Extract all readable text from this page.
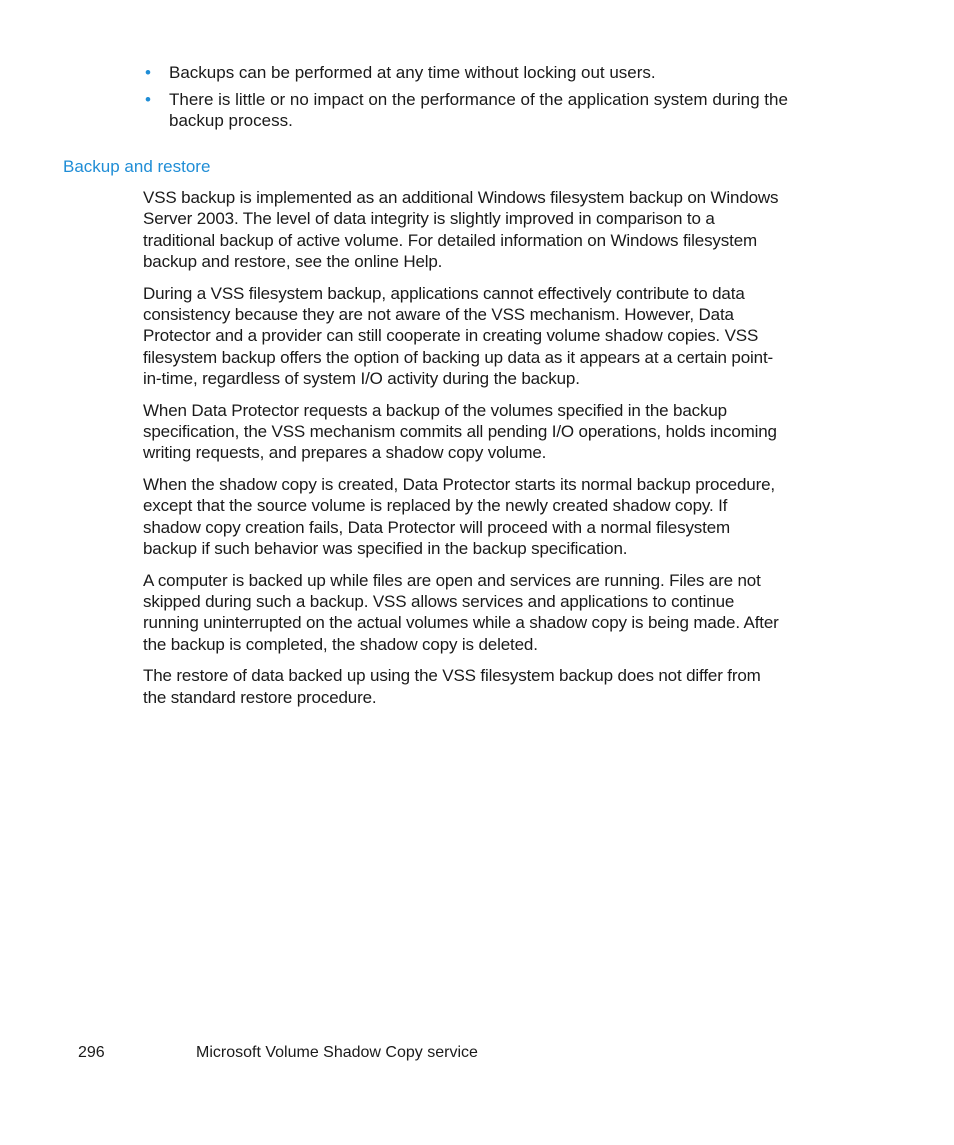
• Backups can be performed at any time without locking out users.
• There is little or no impact on the performance of the application system during the backup process.
Backup and restore

VSS backup is implemented as an additional Windows filesystem backup on Windows Server 2003. The level of data integrity is slightly improved in comparison to a traditional backup of active volume. For detailed information on Windows filesystem backup and restore, see the online Help.

During a VSS filesystem backup, applications cannot effectively contribute to data consistency because they are not aware of the VSS mechanism. However, Data Protector and a provider can still cooperate in creating volume shadow copies. VSS filesystem backup offers the option of backing up data as it appears at a certain point-in-time, regardless of system I/O activity during the backup.

When Data Protector requests a backup of the volumes specified in the backup specification, the VSS mechanism commits all pending I/O operations, holds incoming writing requests, and prepares a shadow copy volume.

When the shadow copy is created, Data Protector starts its normal backup procedure, except that the source volume is replaced by the newly created shadow copy. If shadow copy creation fails, Data Protector will proceed with a normal filesystem backup if such behavior was specified in the backup specification.

A computer is backed up while files are open and services are running. Files are not skipped during such a backup. VSS allows services and applications to continue running uninterrupted on the actual volumes while a shadow copy is being made. After the backup is completed, the shadow copy is deleted.

The restore of data backed up using the VSS filesystem backup does not differ from the standard restore procedure.

296	Microsoft Volume Shadow Copy service
